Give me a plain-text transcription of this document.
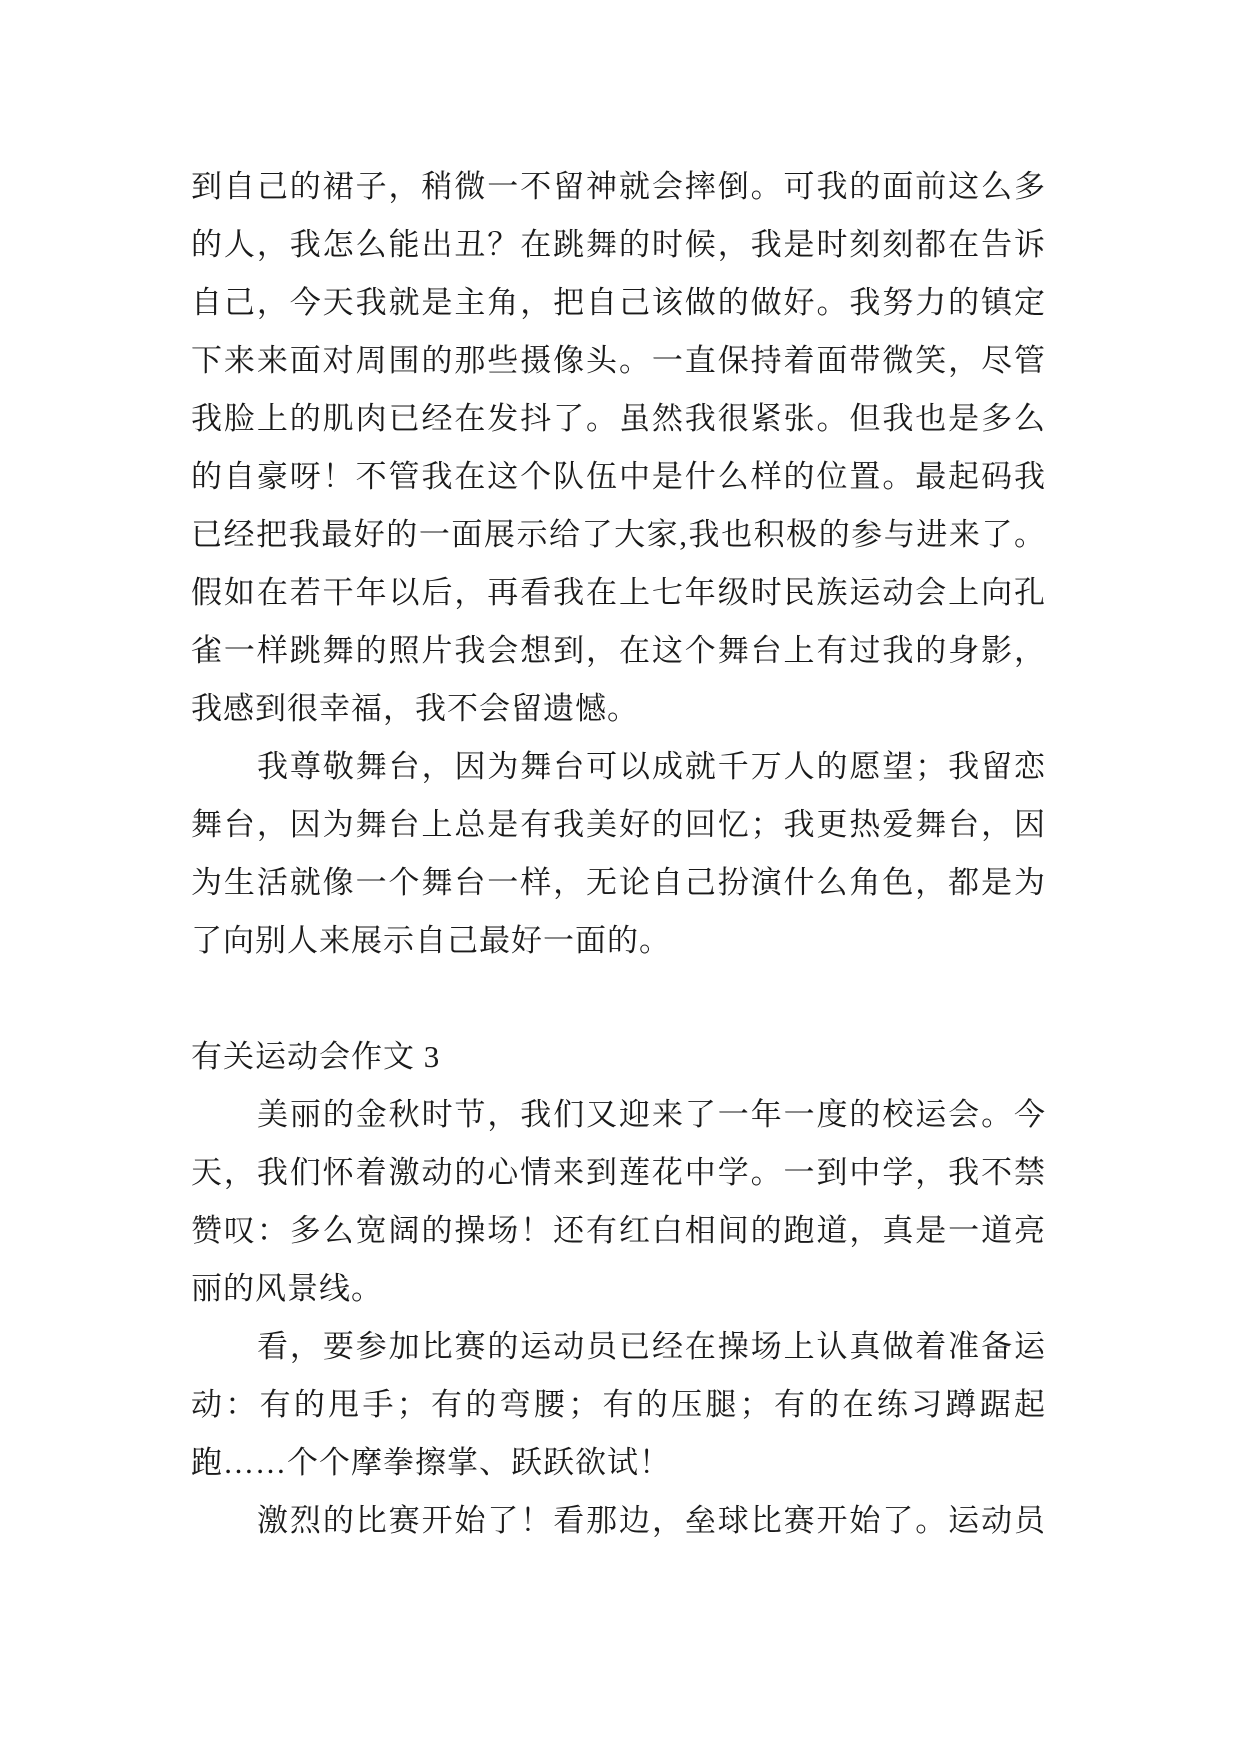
到自己的裙子，稍微一不留神就会摔倒。可我的面前这么多
的人，我怎么能出丑？在跳舞的时候，我是时刻刻都在告诉
自己，今天我就是主角，把自己该做的做好。我努力的镇定
下来来面对周围的那些摄像头。一直保持着面带微笑，尽管
我脸上的肌肉已经在发抖了。虽然我很紧张。但我也是多么
的自豪呀！不管我在这个队伍中是什么样的位置。最起码我
已经把我最好的一面展示给了大家,我也积极的参与进来了。
假如在若干年以后，再看我在上七年级时民族运动会上向孔
雀一样跳舞的照片我会想到，在这个舞台上有过我的身影，
我感到很幸福，我不会留遗憾。
我尊敬舞台，因为舞台可以成就千万人的愿望；我留恋
舞台，因为舞台上总是有我美好的回忆；我更热爱舞台，因
为生活就像一个舞台一样，无论自己扮演什么角色，都是为
了向别人来展示自己最好一面的。
有关运动会作文 3
美丽的金秋时节，我们又迎来了一年一度的校运会。今
天，我们怀着激动的心情来到莲花中学。一到中学，我不禁
赞叹：多么宽阔的操场！还有红白相间的跑道，真是一道亮
丽的风景线。
看，要参加比赛的运动员已经在操场上认真做着准备运
动：有的甩手；有的弯腰；有的压腿；有的在练习蹲踞起
跑……个个摩拳擦掌、跃跃欲试！
激烈的比赛开始了！看那边，垒球比赛开始了。运动员
